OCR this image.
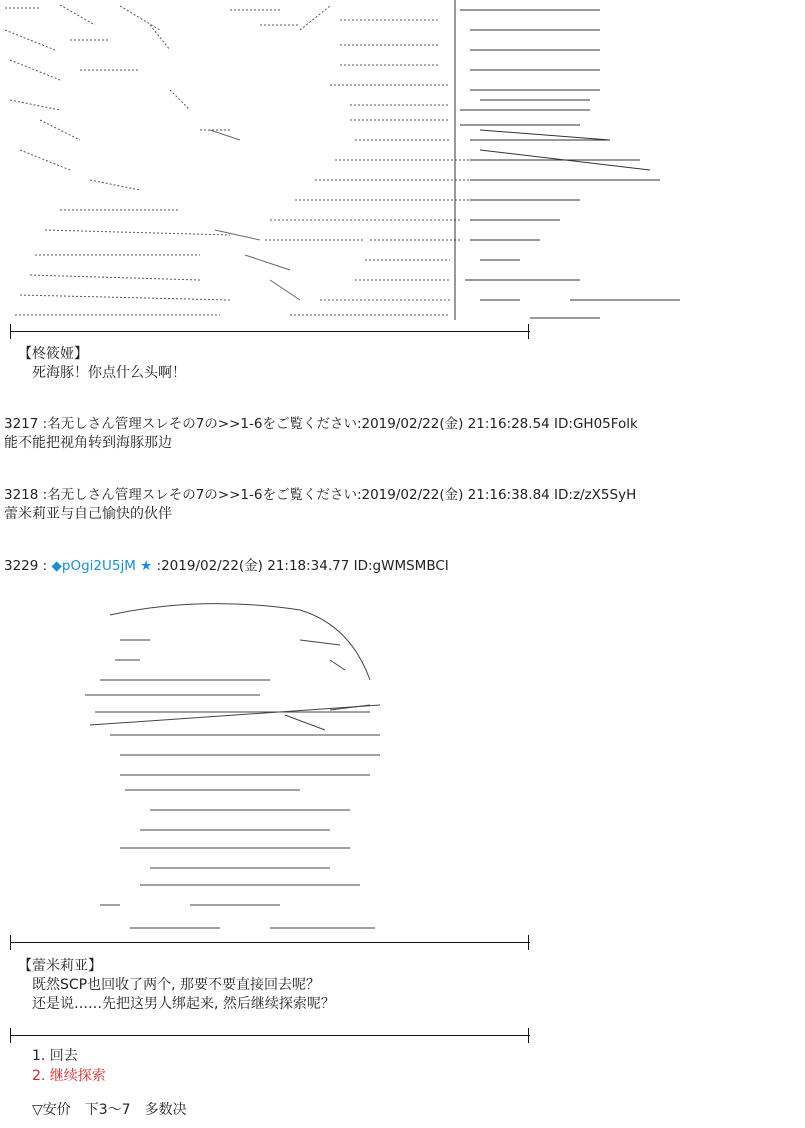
【柊筱娅】
死海豚！你点什么头啊！
3217 :名无しさん管理スレその7の>>1-6をご覧ください:2019/02/22(金) 21:16:28.54 ID:GH05Folk
能不能把视角转到海豚那边
3218 :名无しさん管理スレその7の>>1-6をご覧ください:2019/02/22(金) 21:16:38.84 ID:z/zX5SyH
蕾米莉亚与自己愉快的伙伴
3229 : ◆pOgi2U5jM ★ :2019/02/22(金) 21:18:34.77 ID:gWMSMBCI
【蕾米莉亚】
既然SCP也回收了两个, 那要不要直接回去呢？
还是说……先把这男人绑起来, 然后继续探索呢？
1. 回去
2. 继续探索
▽安价　下3～7　多数决
